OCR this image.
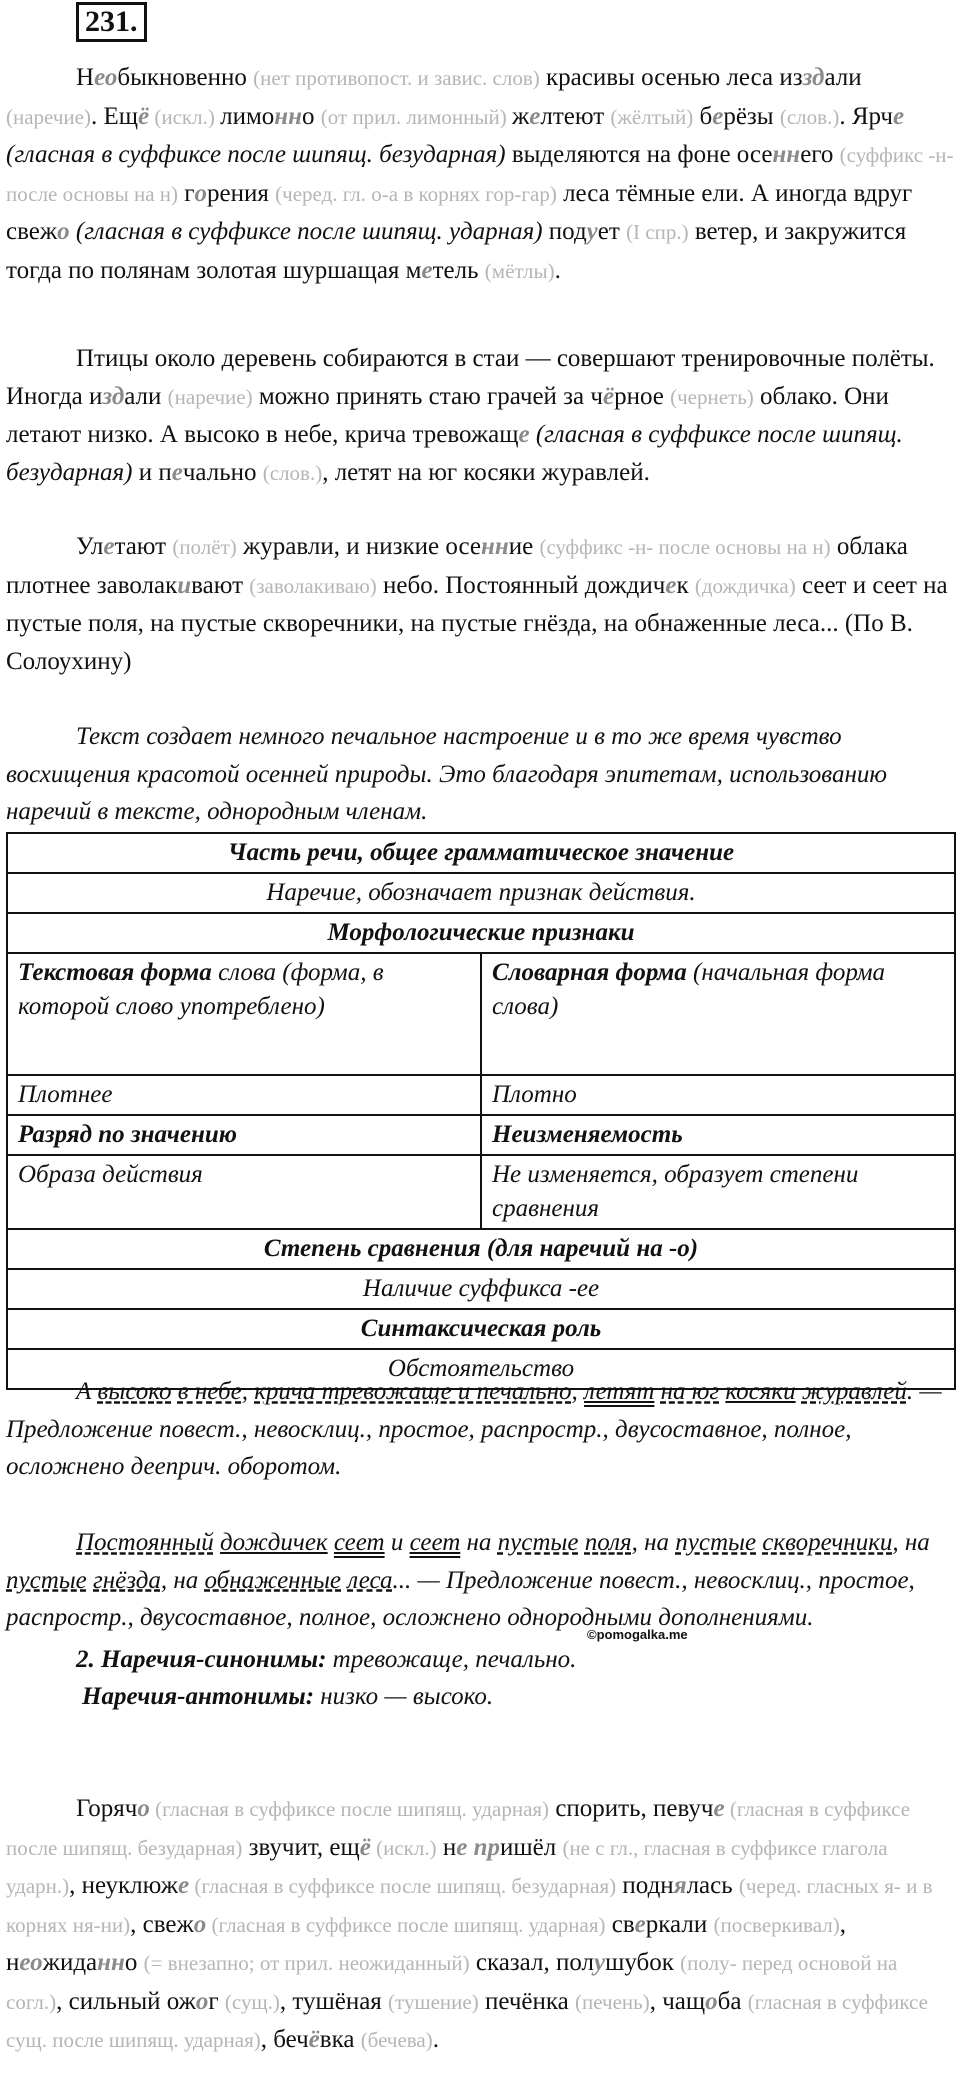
231.

Необыкновенно (нет противопост. и завис. слов) красивы осенью леса изздали (наречие). Ещё (искл.) лимонно (от прил. лимонный) желтеют (жёлтый) берёзы (слов.). Ярче (гласная в суффиксе после шипящ. безударная) выделяются на фоне осеннего (суффикс -н- после основы на н) горения (черед. гл. о-а в корнях гор-гар) леса тёмные ели. А иногда вдруг свежо (гласная в суффиксе после шипящ. ударная) подует (I спр.) ветер, и закружится тогда по полянам золотая шуршащая метель (мётлы).

Птицы около деревень собираются в стаи — совершают тренировочные полёты. Иногда издали (наречие) можно принять стаю грачей за чёрное (чернеть) облако. Они летают низко. А высоко в небе, крича тревожаще (гласная в суффиксе после шипящ. безударная) и печально (слов.), летят на юг косяки журавлей.

Улетают (полёт) журавли, и низкие осенние (суффикс -н- после основы на н) облака плотнее заволакивают (заволакиваю) небо. Постоянный дождичек (дождичка) сеет и сеет на пустые поля, на пустые скворечники, на пустые гнёзда, на обнаженные леса... (По В. Солоухину)

Текст создает немного печальное настроение и в то же время чувство восхищения красотой осенней природы. Это благодаря эпитетам, использованию наречий в тексте, однородным членам.

Часть речи, общее грамматическое значение	
Наречие, обозначает признак действия.	
Морфологические признаки	
Текстовая форма слова (форма, в которой слово употреблено)	Словарная форма (начальная форма слова)
Плотнее	Плотно
Разряд по значению	Неизменяемость
Образа действия	Не изменяется, образует степени сравнения
Степень сравнения (для наречий на -о)	
Наличие суффикса -ее	
Синтаксическая роль	
Обстоятельство	

А высоко в небе, крича тревожаще и печально, летят на юг косяки журавлей. — Предложение повест., невосклиц., простое, распростр., двусоставное, полное, осложнено дееприч. оборотом.

Постоянный дождичек сеет и сеет на пустые поля, на пустые скворечники, на пустые гнёзда, на обнаженные леса... — Предложение повест., невосклиц., простое, распростр., двусоставное, полное, осложнено однородными дополнениями.

©pomogalka.me

2. Наречия-синонимы: тревожаще, печально.

Наречия-антонимы: низко — высоко.

Горячо (гласная в суффиксе после шипящ. ударная) спорить, певуче (гласная в суффиксе после шипящ. безударная) звучит, ещё (искл.) не пришёл (не с гл., гласная в суффиксе глагола ударн.), неуклюже (гласная в суффиксе после шипящ. безударная) поднялась (черед. гласных я- и в корнях ня-ни), свежо (гласная в суффиксе после шипящ. ударная) сверкали (посверкивал), неожиданно (= внезапно; от прил. неожиданный) сказал, полушубок (полу- перед основой на согл.), сильный ожог (сущ.), тушёная (тушение) печёнка (печень), чащоба (гласная в суффиксе сущ. после шипящ. ударная), бечёвка (бечева).
